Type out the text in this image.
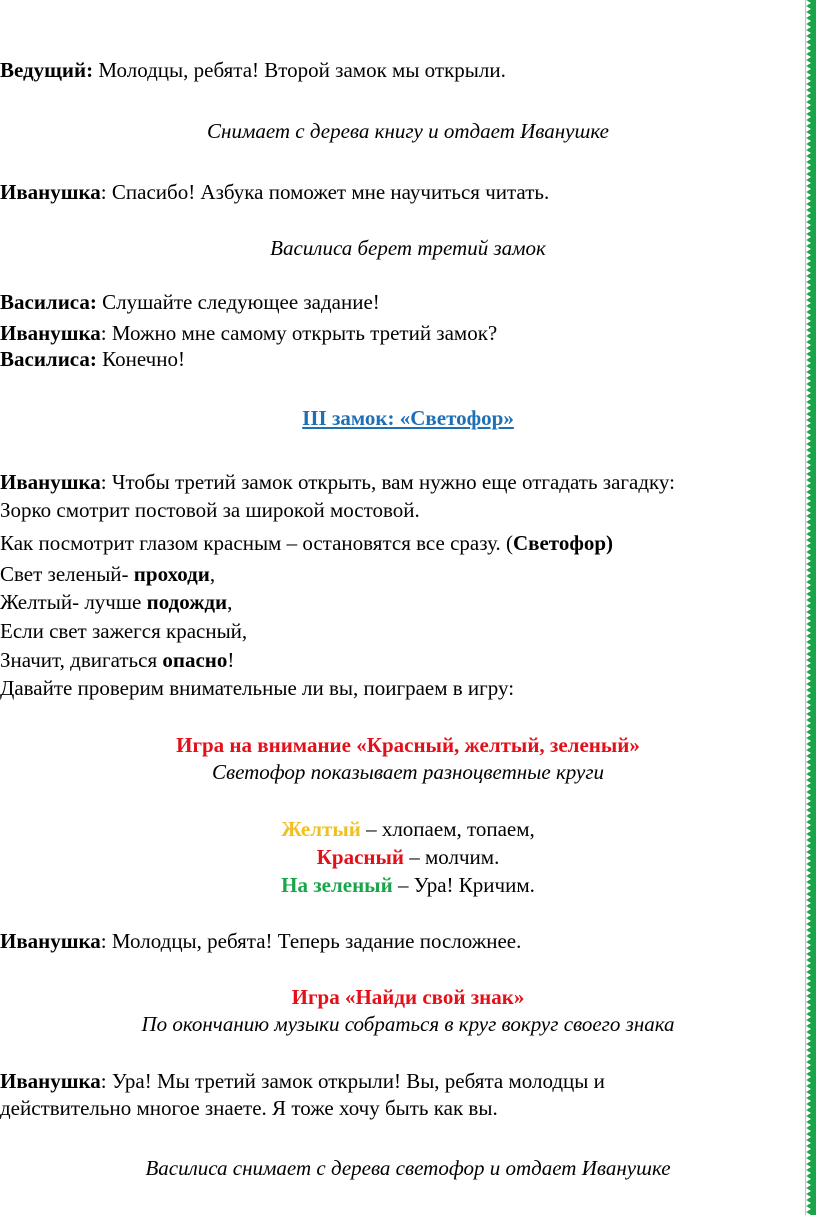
Ведущий: Молодцы, ребята! Второй замок мы открыли.
Снимает с дерева книгу и отдает Иванушке
Иванушка: Спасибо! Азбука поможет мне научиться читать.
Василиса берет третий замок
Василиса: Слушайте следующее задание!
Иванушка: Можно мне самому открыть третий замок?
Василиса: Конечно!
III замок: «Светофор»
Иванушка: Чтобы третий замок открыть, вам нужно еще отгадать загадку:
Зорко смотрит постовой за широкой мостовой.
Как посмотрит глазом красным – остановятся все сразу. (Светофор)
Свет зеленый- проходи,
Желтый- лучше подожди,
Если свет зажегся красный,
Значит, двигаться опасно!
Давайте проверим внимательные ли вы, поиграем в игру:
Игра на внимание «Красный, желтый, зеленый»
Светофор показывает разноцветные круги
Желтый – хлопаем, топаем,
Красный – молчим.
На зеленый – Ура! Кричим.
Иванушка: Молодцы, ребята! Теперь задание посложнее.
Игра «Найди свой знак»
По окончанию музыки собраться в круг вокруг своего знака
Иванушка: Ура! Мы третий замок открыли! Вы, ребята молодцы и
действительно многое знаете. Я тоже хочу быть как вы.
Василиса снимает с дерева светофор и отдает Иванушке
